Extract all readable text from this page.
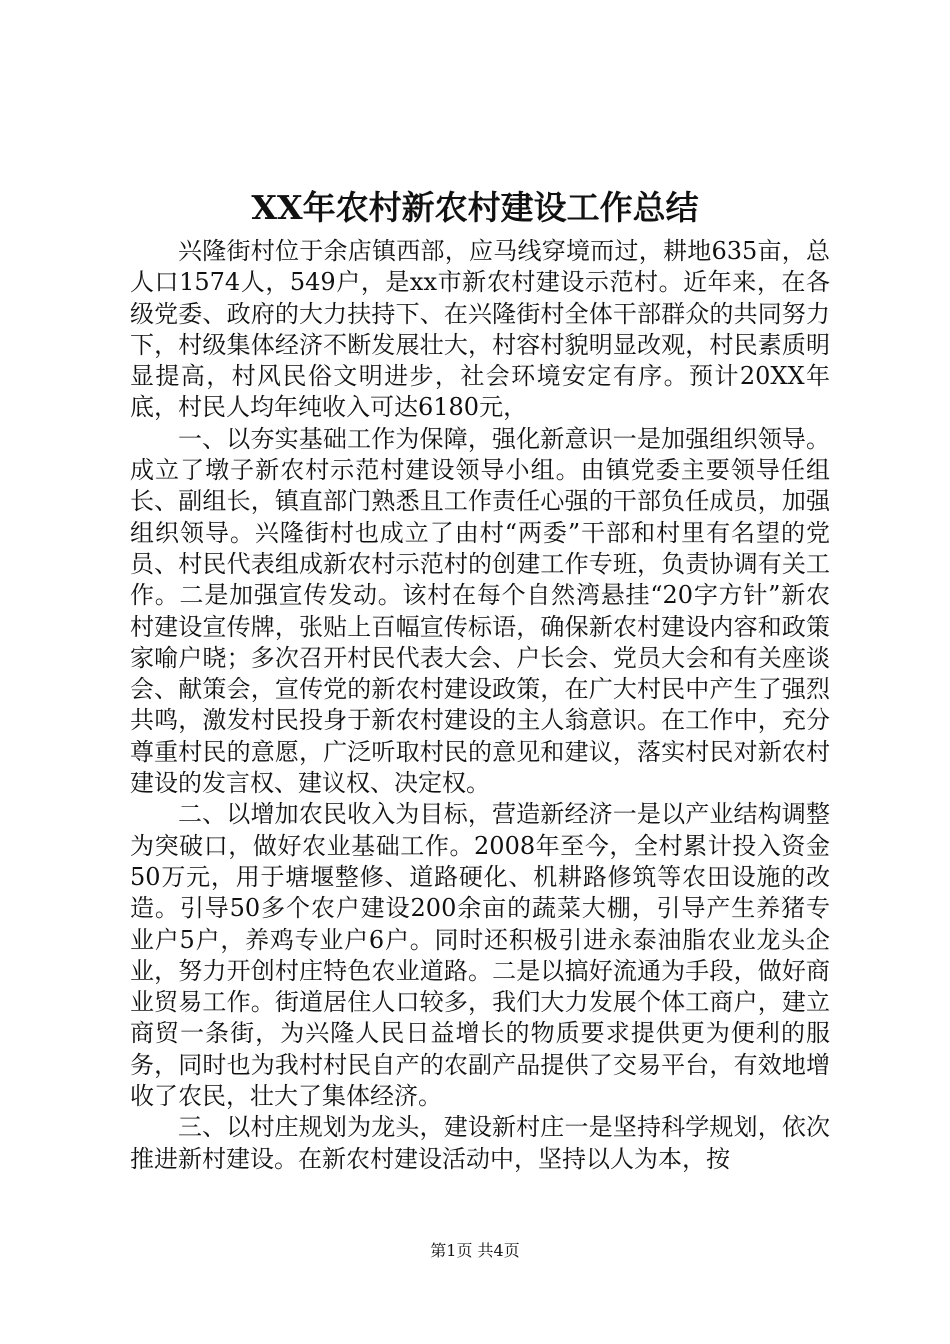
XX年农村新农村建设工作总结

兴隆街村位于余店镇西部，应马线穿境而过，耕地635亩，总人口1574人，549户，是xx市新农村建设示范村。近年来，在各级党委、政府的大力扶持下、在兴隆街村全体干部群众的共同努力下，村级集体经济不断发展壮大，村容村貌明显改观，村民素质明显提高，村风民俗文明进步，社会环境安定有序。预计20XX年底，村民人均年纯收入可达6180元，

一、以夯实基础工作为保障，强化新意识一是加强组织领导。成立了墩子新农村示范村建设领导小组。由镇党委主要领导任组长、副组长，镇直部门熟悉且工作责任心强的干部负任成员，加强组织领导。兴隆街村也成立了由村“两委”干部和村里有名望的党员、村民代表组成新农村示范村的创建工作专班，负责协调有关工作。二是加强宣传发动。该村在每个自然湾悬挂“20字方针”新农村建设宣传牌，张贴上百幅宣传标语，确保新农村建设内容和政策家喻户晓；多次召开村民代表大会、户长会、党员大会和有关座谈会、献策会，宣传党的新农村建设政策，在广大村民中产生了强烈共鸣，激发村民投身于新农村建设的主人翁意识。在工作中，充分尊重村民的意愿，广泛听取村民的意见和建议，落实村民对新农村建设的发言权、建议权、决定权。

二、以增加农民收入为目标，营造新经济一是以产业结构调整为突破口，做好农业基础工作。2008年至今，全村累计投入资金50万元，用于塘堰整修、道路硬化、机耕路修筑等农田设施的改造。引导50多个农户建设200余亩的蔬菜大棚，引导产生养猪专业户5户，养鸡专业户6户。同时还积极引进永泰油脂农业龙头企业，努力开创村庄特色农业道路。二是以搞好流通为手段，做好商业贸易工作。街道居住人口较多，我们大力发展个体工商户，建立商贸一条街，为兴隆人民日益增长的物质要求提供更为便利的服务，同时也为我村村民自产的农副产品提供了交易平台，有效地增收了农民，壮大了集体经济。

三、以村庄规划为龙头，建设新村庄一是坚持科学规划，依次推进新村建设。在新农村建设活动中，坚持以人为本，按

第1页 共4页
